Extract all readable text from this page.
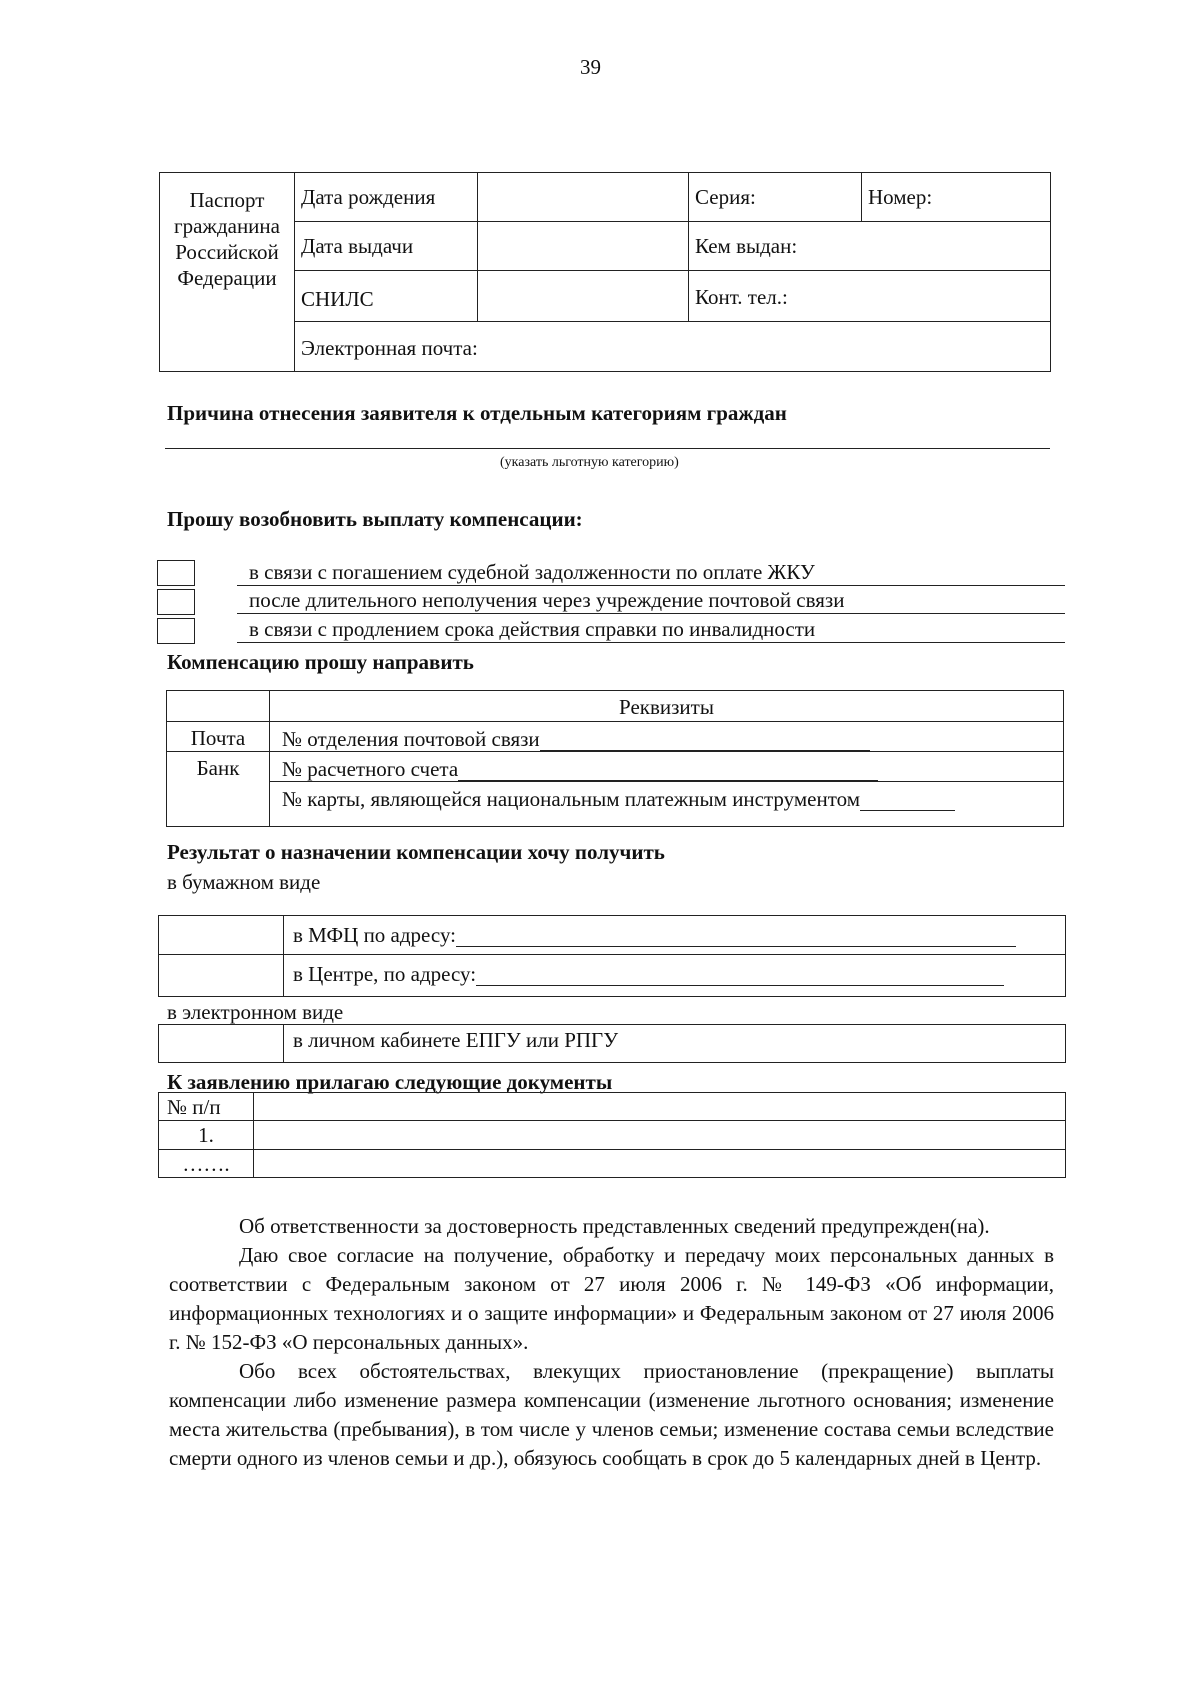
39
Паспорт гражданина Российской Федерации	Дата рождения		Серия:	Номер:
	Дата выдачи		Кем выдан:	
	СНИЛС		Конт. тел.:	
	Электронная почта:			
Причина отнесения заявителя к отдельным категориям граждан
(указать льготную категорию)
Прошу возобновить выплату компенсации:
в связи с погашением судебной задолженности по оплате ЖКУ
после длительного неполучения через учреждение почтовой связи
в связи с продлением срока действия справки по инвалидности
Компенсацию прошу направить
	Реквизиты
Почта	№ отделения почтовой связи
Банк	№ расчетного счета
	№ карты, являющейся национальным платежным инструментом
Результат о назначении компенсации хочу получить
в бумажном виде
	в МФЦ по адресу:
	в Центре, по адресу:
в электронном виде
	в личном кабинете ЕПГУ или РПГУ
К заявлению прилагаю следующие документы
№ п/п	
1.	
…….	

Об ответственности за достоверность представленных сведений предупрежден(на).

Даю свое согласие на получение, обработку и передачу моих персональных данных в соответствии с Федеральным законом от 27 июля 2006 г. № 149-ФЗ «Об информации, информационных технологиях и о защите информации» и Федеральным законом от 27 июля 2006 г. № 152-ФЗ «О персональных данных».

Обо всех обстоятельствах, влекущих приостановление (прекращение) выплаты компенсации либо изменение размера компенсации (изменение льготного основания; изменение места жительства (пребывания), в том числе у членов семьи; изменение состава семьи вследствие смерти одного из членов семьи и др.), обязуюсь сообщать в срок до 5 календарных дней в Центр.
